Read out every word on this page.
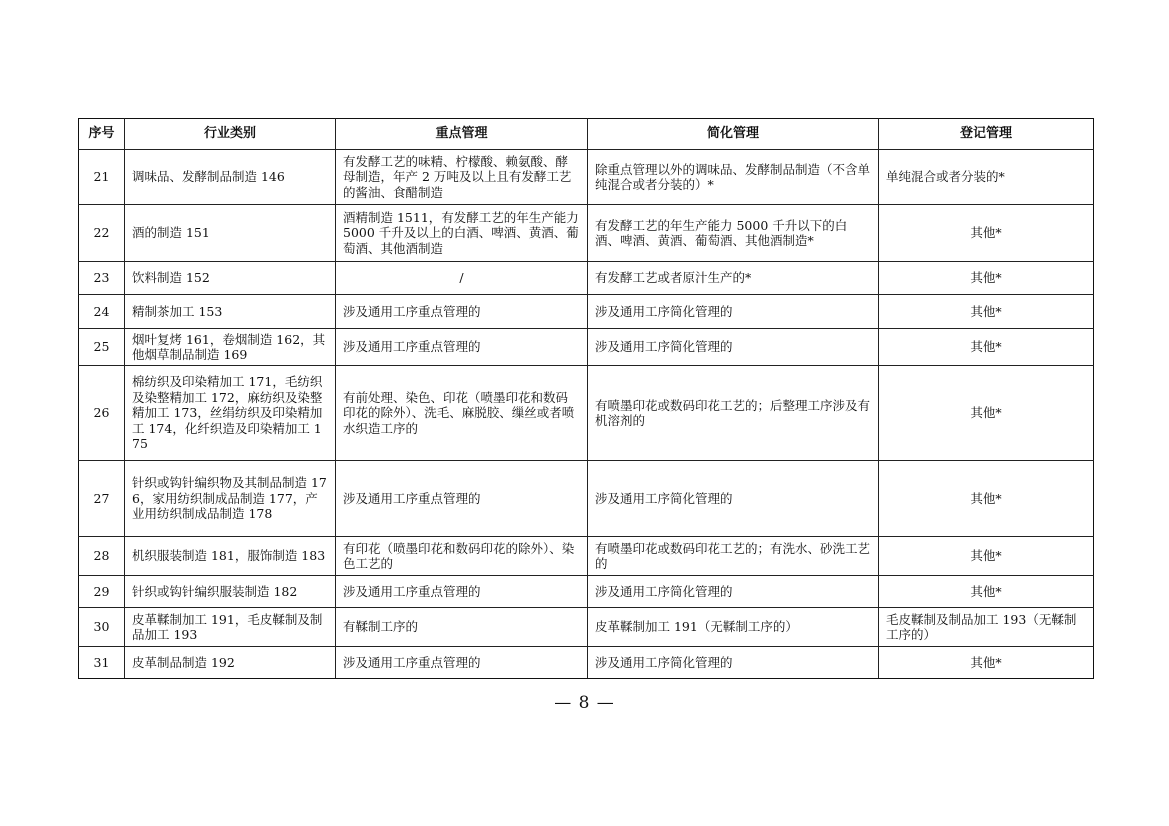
序号	行业类别	重点管理	简化管理	登记管理
21	调味品、发酵制品制造 146	有发酵工艺的味精、柠檬酸、赖氨酸、酵母制造，年产 2 万吨及以上且有发酵工艺的酱油、食醋制造	除重点管理以外的调味品、发酵制品制造（不含单纯混合或者分装的）*	单纯混合或者分装的*
22	酒的制造 151	酒精制造 1511，有发酵工艺的年生产能力 5000 千升及以上的白酒、啤酒、黄酒、葡萄酒、其他酒制造	有发酵工艺的年生产能力 5000 千升以下的白酒、啤酒、黄酒、葡萄酒、其他酒制造*	其他*
23	饮料制造 152	/	有发酵工艺或者原汁生产的*	其他*
24	精制茶加工 153	涉及通用工序重点管理的	涉及通用工序简化管理的	其他*
25	烟叶复烤 161，卷烟制造 162，其他烟草制品制造 169	涉及通用工序重点管理的	涉及通用工序简化管理的	其他*
26	棉纺织及印染精加工 171，毛纺织及染整精加工 172，麻纺织及染整精加工 173，丝绢纺织及印染精加工 174，化纤织造及印染精加工 175	有前处理、染色、印花（喷墨印花和数码印花的除外）、洗毛、麻脱胶、缫丝或者喷水织造工序的	有喷墨印花或数码印花工艺的；后整理工序涉及有机溶剂的	其他*
27	针织或钩针编织物及其制品制造 176，家用纺织制成品制造 177，产业用纺织制成品制造 178	涉及通用工序重点管理的	涉及通用工序简化管理的	其他*
28	机织服装制造 181，服饰制造 183	有印花（喷墨印花和数码印花的除外）、染色工艺的	有喷墨印花或数码印花工艺的；有洗水、砂洗工艺的	其他*
29	针织或钩针编织服装制造 182	涉及通用工序重点管理的	涉及通用工序简化管理的	其他*
30	皮革鞣制加工 191，毛皮鞣制及制品加工 193	有鞣制工序的	皮革鞣制加工 191（无鞣制工序的）	毛皮鞣制及制品加工 193（无鞣制工序的）
31	皮革制品制造 192	涉及通用工序重点管理的	涉及通用工序简化管理的	其他*
— 8 —
